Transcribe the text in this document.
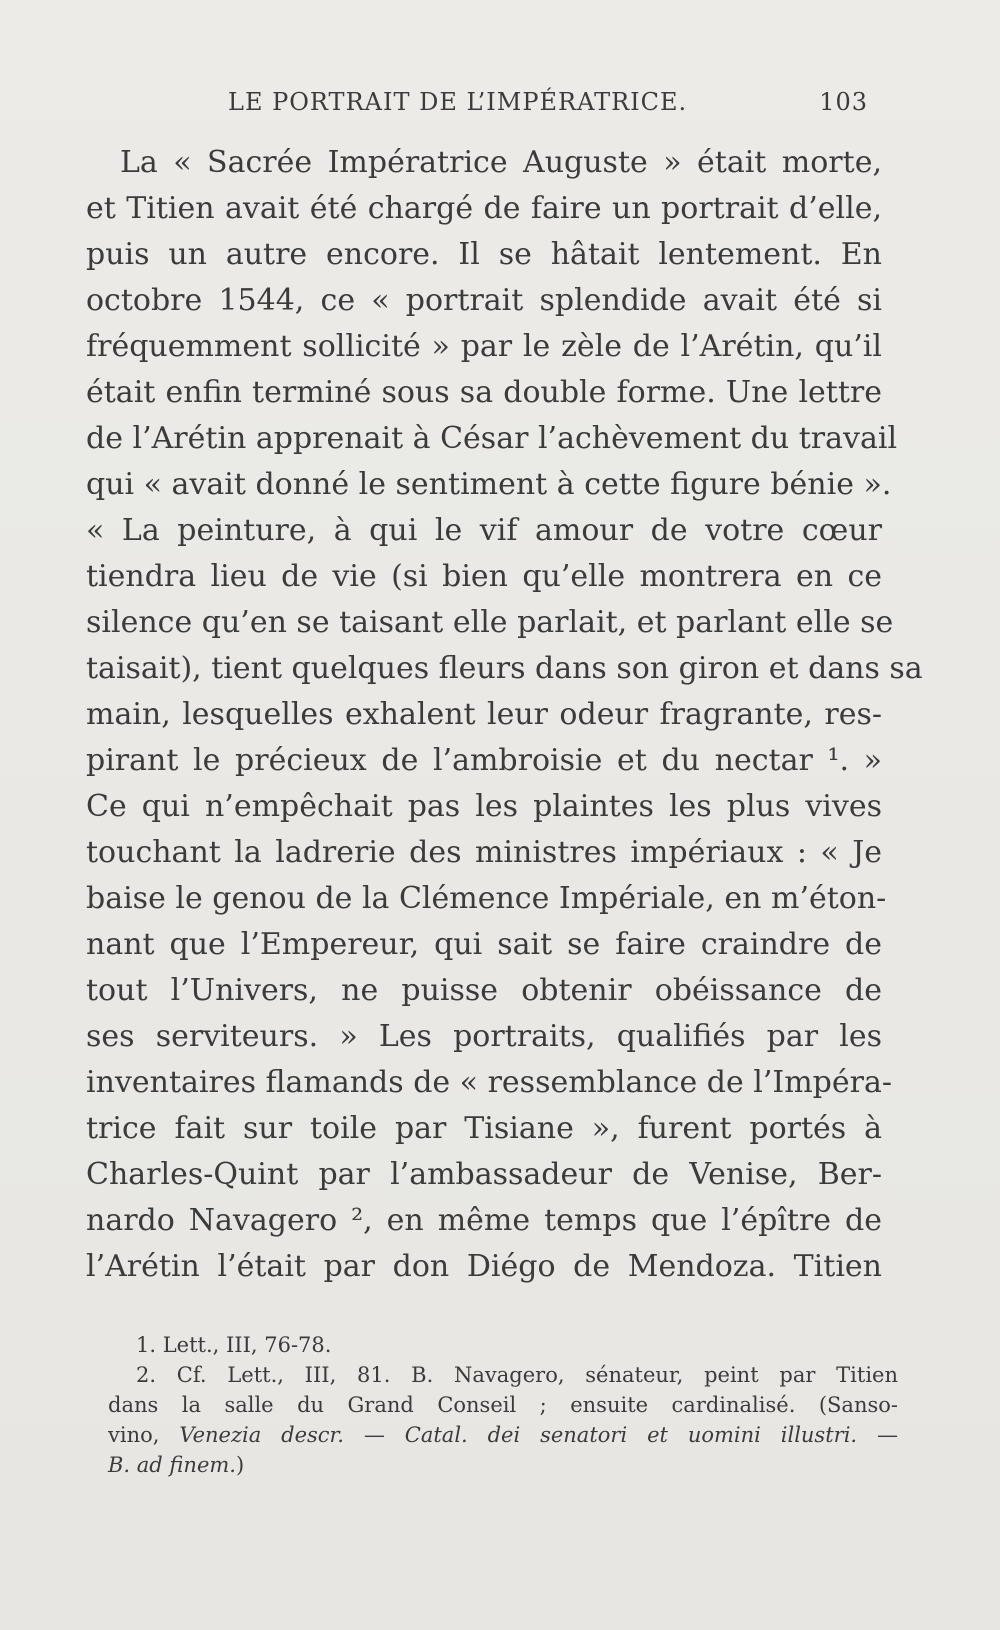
LE PORTRAIT DE L’IMPÉRATRICE.	103
La « Sacrée Impératrice Auguste » était morte,
et Titien avait été chargé de faire un portrait d’elle,
puis un autre encore. Il se hâtait lentement. En
octobre 1544, ce « portrait splendide avait été si
fréquemment sollicité » par le zèle de l’Arétin, qu’il
était enfin terminé sous sa double forme. Une lettre
de l’Arétin apprenait à César l’achèvement du travail
qui « avait donné le sentiment à cette figure bénie ».
« La peinture, à qui le vif amour de votre cœur
tiendra lieu de vie (si bien qu’elle montrera en ce
silence qu’en se taisant elle parlait, et parlant elle se
taisait), tient quelques fleurs dans son giron et dans sa
main, lesquelles exhalent leur odeur fragrante, res-
pirant le précieux de l’ambroisie et du nectar ¹. »
Ce qui n’empêchait pas les plaintes les plus vives
touchant la ladrerie des ministres impériaux : « Je
baise le genou de la Clémence Impériale, en m’éton-
nant que l’Empereur, qui sait se faire craindre de
tout l’Univers, ne puisse obtenir obéissance de
ses serviteurs. » Les portraits, qualifiés par les
inventaires flamands de « ressemblance de l’Impéra-
trice fait sur toile par Tisiane », furent portés à
Charles-Quint par l’ambassadeur de Venise, Ber-
nardo Navagero ², en même temps que l’épître de
l’Arétin l’était par don Diégo de Mendoza. Titien
1. Lett., III, 76-78.
2. Cf. Lett., III, 81. B. Navagero, sénateur, peint par Titien
dans la salle du Grand Conseil ; ensuite cardinalisé. (Sanso-
vino, Venezia descr. — Catal. dei senatori et uomini illustri. —
B. ad finem.)
